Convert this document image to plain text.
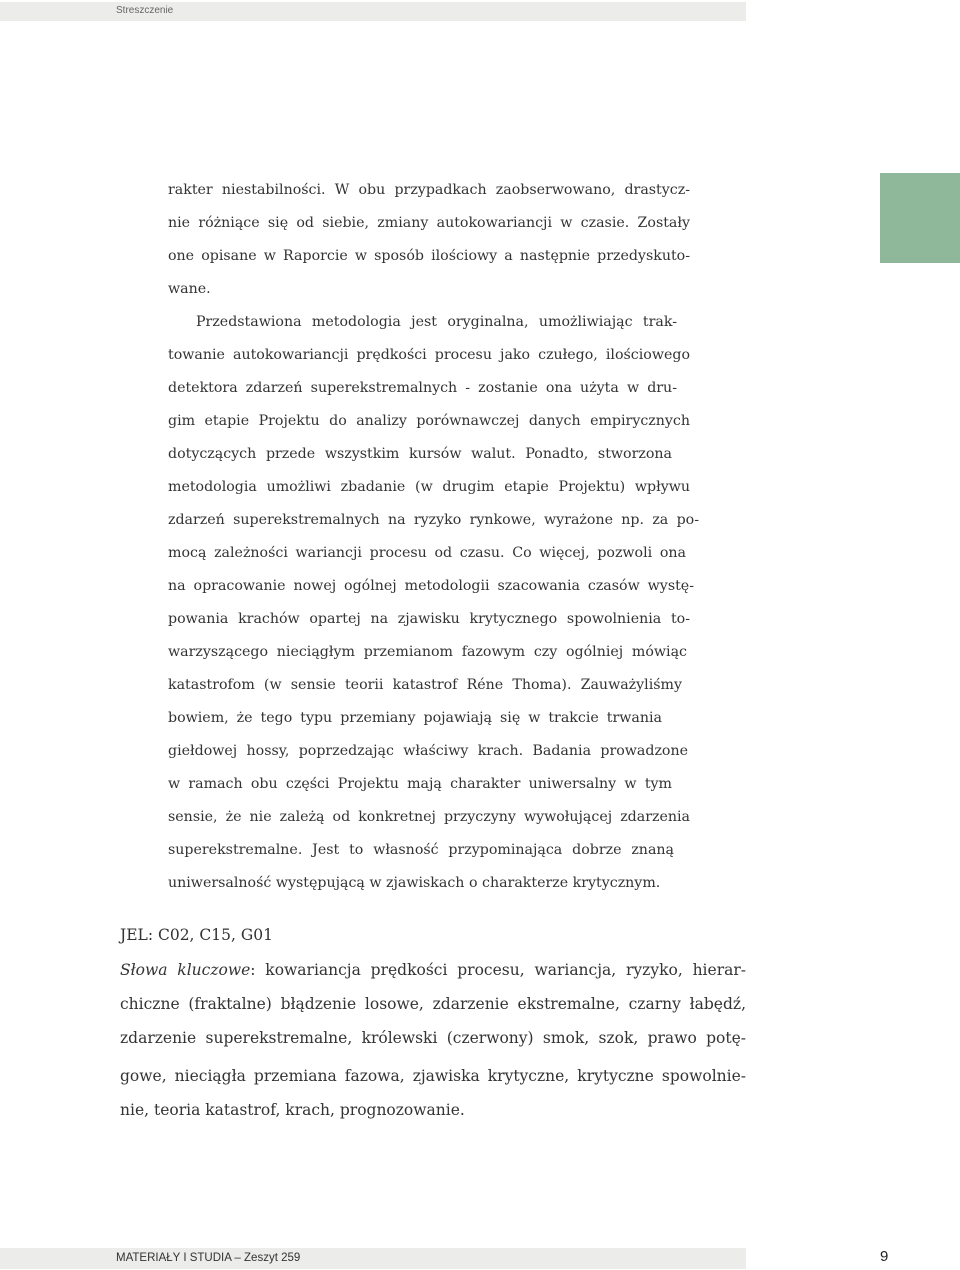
Streszczenie

rakter niestabilności. W obu przypadkach zaobserwowano, drastycz-

nie różniące się od siebie, zmiany autokowariancji w czasie. Zostały

one opisane w Raporcie w sposób ilościowy a następnie przedyskuto-

wane.

Przedstawiona metodologia jest oryginalna, umożliwiając trak-

towanie autokowariancji prędkości procesu jako czułego, ilościowego

detektora zdarzeń superekstremalnych - zostanie ona użyta w dru-

gim etapie Projektu do analizy porównawczej danych empirycznych

dotyczących przede wszystkim kursów walut. Ponadto, stworzona

metodologia umożliwi zbadanie (w drugim etapie Projektu) wpływu

zdarzeń superekstremalnych na ryzyko rynkowe, wyrażone np. za po-

mocą zależności wariancji procesu od czasu. Co więcej, pozwoli ona

na opracowanie nowej ogólnej metodologii szacowania czasów wystę-

powania krachów opartej na zjawisku krytycznego spowolnienia to-

warzyszącego nieciągłym przemianom fazowym czy ogólniej mówiąc

katastrofom (w sensie teorii katastrof Réne Thoma). Zauważyliśmy

bowiem, że tego typu przemiany pojawiają się w trakcie trwania

giełdowej hossy, poprzedzając właściwy krach. Badania prowadzone

w ramach obu części Projektu mają charakter uniwersalny w tym

sensie, że nie zależą od konkretnej przyczyny wywołującej zdarzenia

superekstremalne. Jest to własność przypominająca dobrze znaną

uniwersalność występującą w zjawiskach o charakterze krytycznym.

JEL: C02, C15, G01

Słowa kluczowe: kowariancja prędkości procesu, wariancja, ryzyko, hierar-

chiczne (fraktalne) błądzenie losowe, zdarzenie ekstremalne, czarny łabędź,

zdarzenie superekstremalne, królewski (czerwony) smok, szok, prawo potę-

gowe, nieciągła przemiana fazowa, zjawiska krytyczne, krytyczne spowolnie-

nie, teoria katastrof, krach, prognozowanie.

MATERIAŁY I STUDIA – Zeszyt 259	9
